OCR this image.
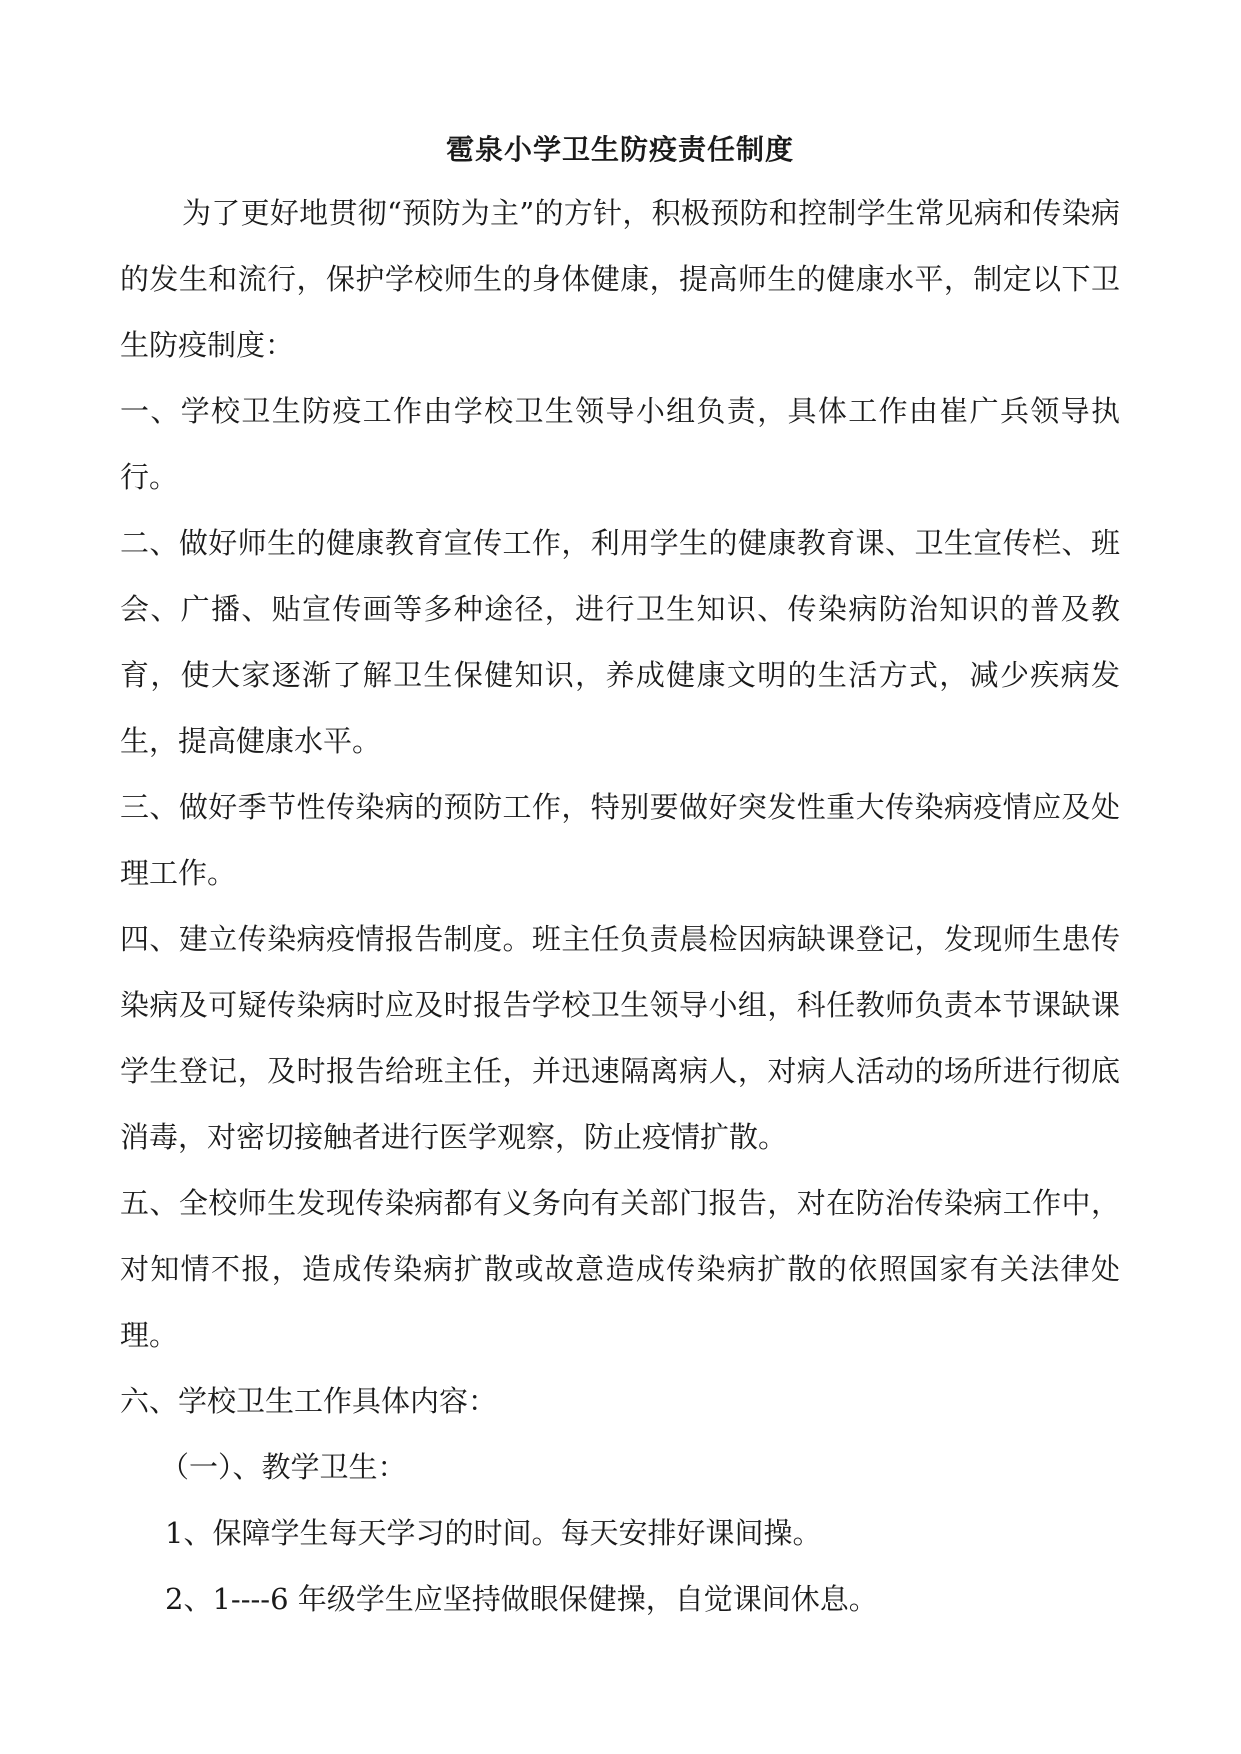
雹泉小学卫生防疫责任制度

为了更好地贯彻“预防为主”的方针，积极预防和控制学生常见病和传染病的发生和流行，保护学校师生的身体健康，提高师生的健康水平，制定以下卫生防疫制度：

一、学校卫生防疫工作由学校卫生领导小组负责，具体工作由崔广兵领导执行。

二、做好师生的健康教育宣传工作，利用学生的健康教育课、卫生宣传栏、班会、广播、贴宣传画等多种途径，进行卫生知识、传染病防治知识的普及教育，使大家逐渐了解卫生保健知识，养成健康文明的生活方式，减少疾病发生，提高健康水平。

三、做好季节性传染病的预防工作，特别要做好突发性重大传染病疫情应及处理工作。

四、建立传染病疫情报告制度。班主任负责晨检因病缺课登记，发现师生患传染病及可疑传染病时应及时报告学校卫生领导小组，科任教师负责本节课缺课学生登记，及时报告给班主任，并迅速隔离病人，对病人活动的场所进行彻底消毒，对密切接触者进行医学观察，防止疫情扩散。

五、全校师生发现传染病都有义务向有关部门报告，对在防治传染病工作中，对知情不报，造成传染病扩散或故意造成传染病扩散的依照国家有关法律处理。

六、学校卫生工作具体内容：

（一）、教学卫生：

1、保障学生每天学习的时间。每天安排好课间操。

2、1----6 年级学生应坚持做眼保健操，自觉课间休息。
